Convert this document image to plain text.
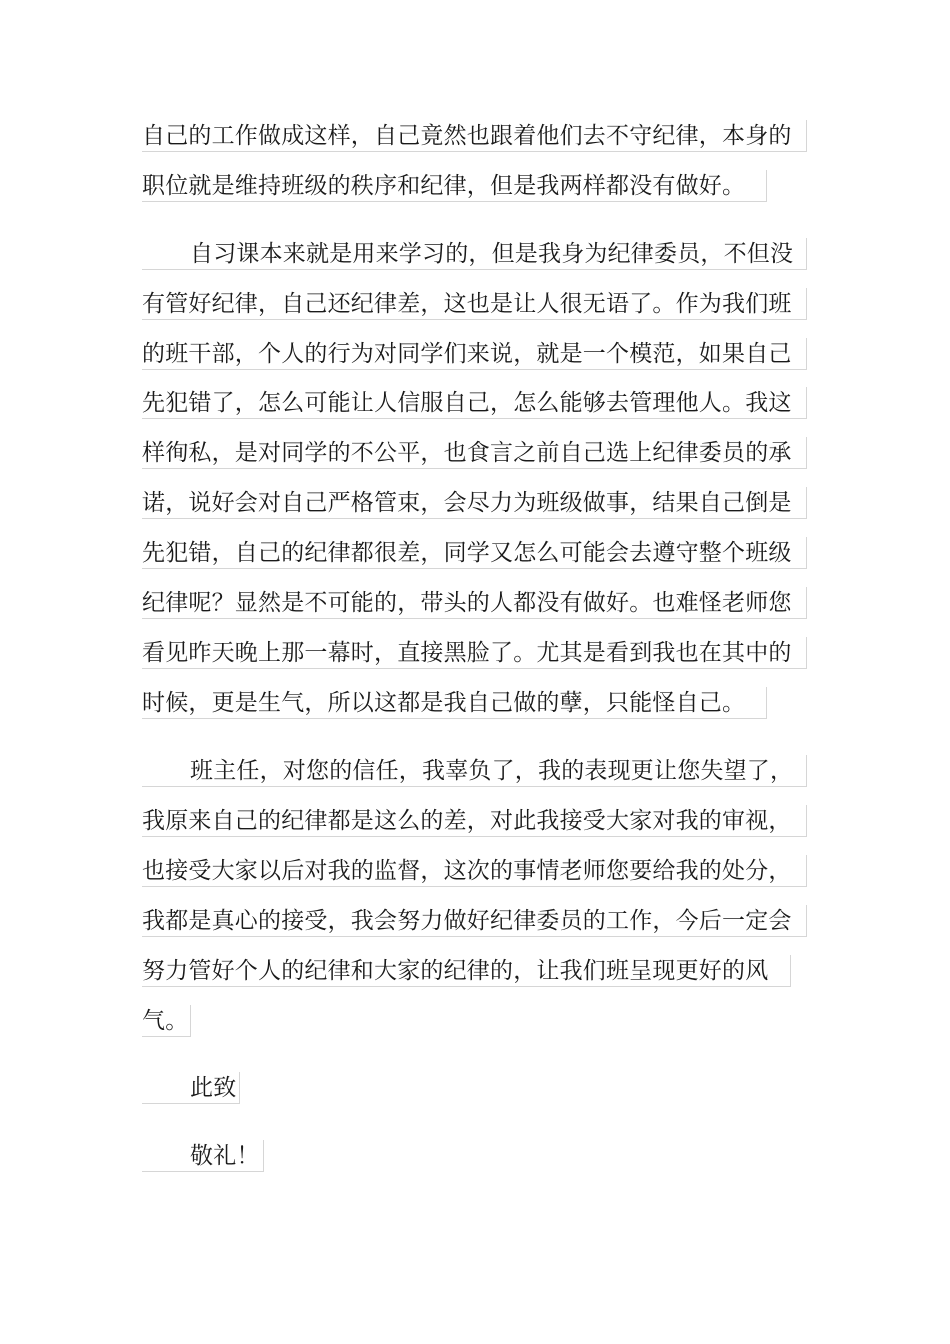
自己的工作做成这样，自己竟然也跟着他们去不守纪律，本身的
职位就是维持班级的秩序和纪律，但是我两样都没有做好。
自习课本来就是用来学习的，但是我身为纪律委员，不但没
有管好纪律，自己还纪律差，这也是让人很无语了。作为我们班
的班干部，个人的行为对同学们来说，就是一个模范，如果自己
先犯错了，怎么可能让人信服自己，怎么能够去管理他人。我这
样徇私，是对同学的不公平，也食言之前自己选上纪律委员的承
诺，说好会对自己严格管束，会尽力为班级做事，结果自己倒是
先犯错，自己的纪律都很差，同学又怎么可能会去遵守整个班级
纪律呢？显然是不可能的，带头的人都没有做好。也难怪老师您
看见昨天晚上那一幕时，直接黑脸了。尤其是看到我也在其中的
时候，更是生气，所以这都是我自己做的孽，只能怪自己。
班主任，对您的信任，我辜负了，我的表现更让您失望了，
我原来自己的纪律都是这么的差，对此我接受大家对我的审视，
也接受大家以后对我的监督，这次的事情老师您要给我的处分，
我都是真心的接受，我会努力做好纪律委员的工作，今后一定会
努力管好个人的纪律和大家的纪律的，让我们班呈现更好的风
气。
此致
敬礼！
